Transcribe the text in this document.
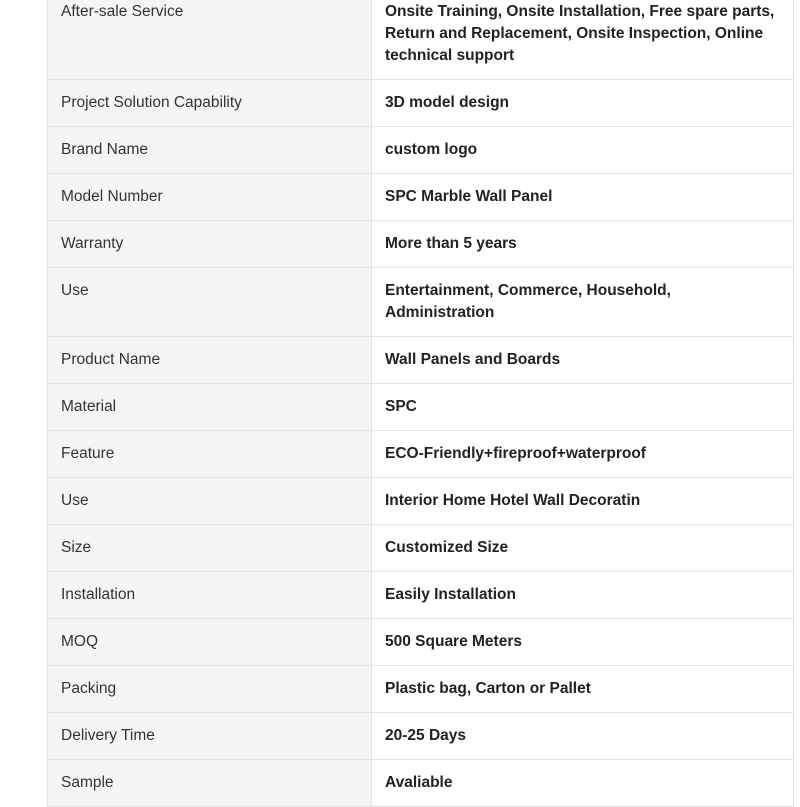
After-sale Service	Onsite Training, Onsite Installation, Free spare parts, Return and Replacement, Onsite Inspection, Online technical support
Project Solution Capability	3D model design
Brand Name	custom logo
Model Number	SPC Marble Wall Panel
Warranty	More than 5 years
Use	Entertainment, Commerce, Household, Administration
Product Name	Wall Panels and Boards
Material	SPC
Feature	ECO-Friendly+fireproof+waterproof
Use	Interior Home Hotel Wall Decoratin
Size	Customized Size
Installation	Easily Installation
MOQ	500 Square Meters
Packing	Plastic bag, Carton or Pallet
Delivery Time	20-25 Days
Sample	Avaliable
